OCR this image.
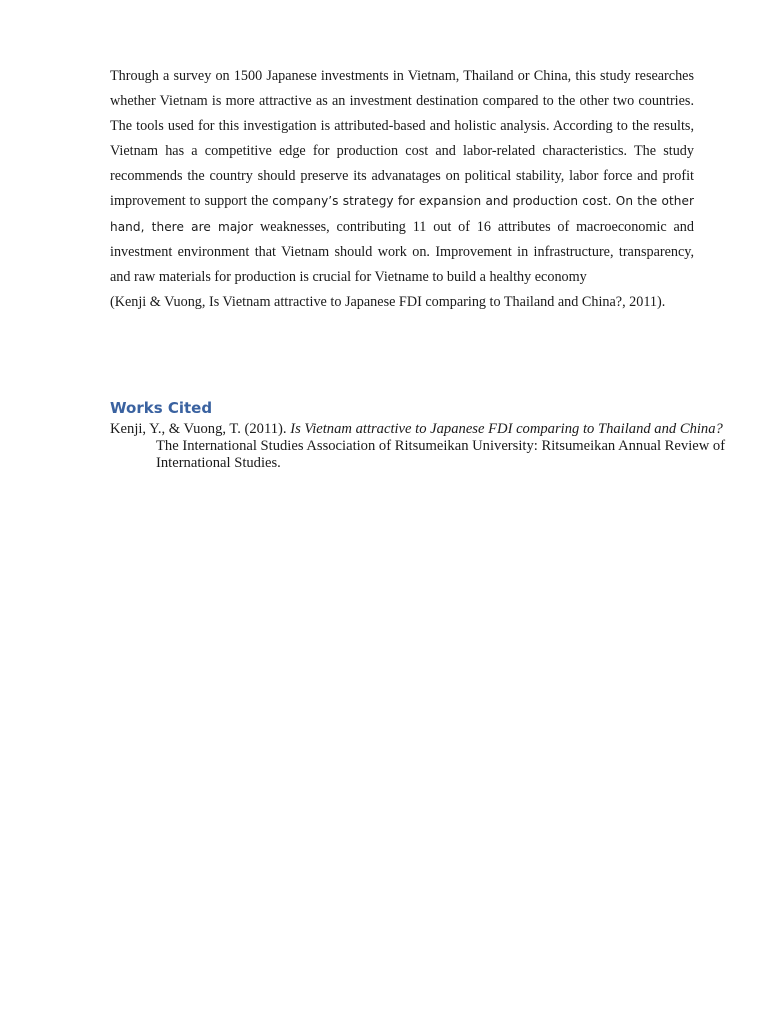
Through a survey on 1500 Japanese investments in Vietnam, Thailand or China, this study researches whether Vietnam is more attractive as an investment destination compared to the other two countries. The tools used for this investigation is attributed-based and holistic analysis. According to the results, Vietnam has a competitive edge for production cost and labor-related characteristics. The study recommends the country should preserve its advanatages on political stability, labor force and profit improvement to support the company’s strategy for expansion and production cost. On the other hand, there are major weaknesses, contributing 11 out of 16 attributes of macroeconomic and investment environment that Vietnam should work on. Improvement in infrastructure, transparency, and raw materials for production is crucial for Vietname to build a healthy economy

(Kenji & Vuong, Is Vietnam attractive to Japanese FDI comparing to Thailand and China?, 2011).

Works Cited

Kenji, Y., & Vuong, T. (2011). Is Vietnam attractive to Japanese FDI comparing to Thailand and China? The International Studies Association of Ritsumeikan University: Ritsumeikan Annual Review of International Studies.
